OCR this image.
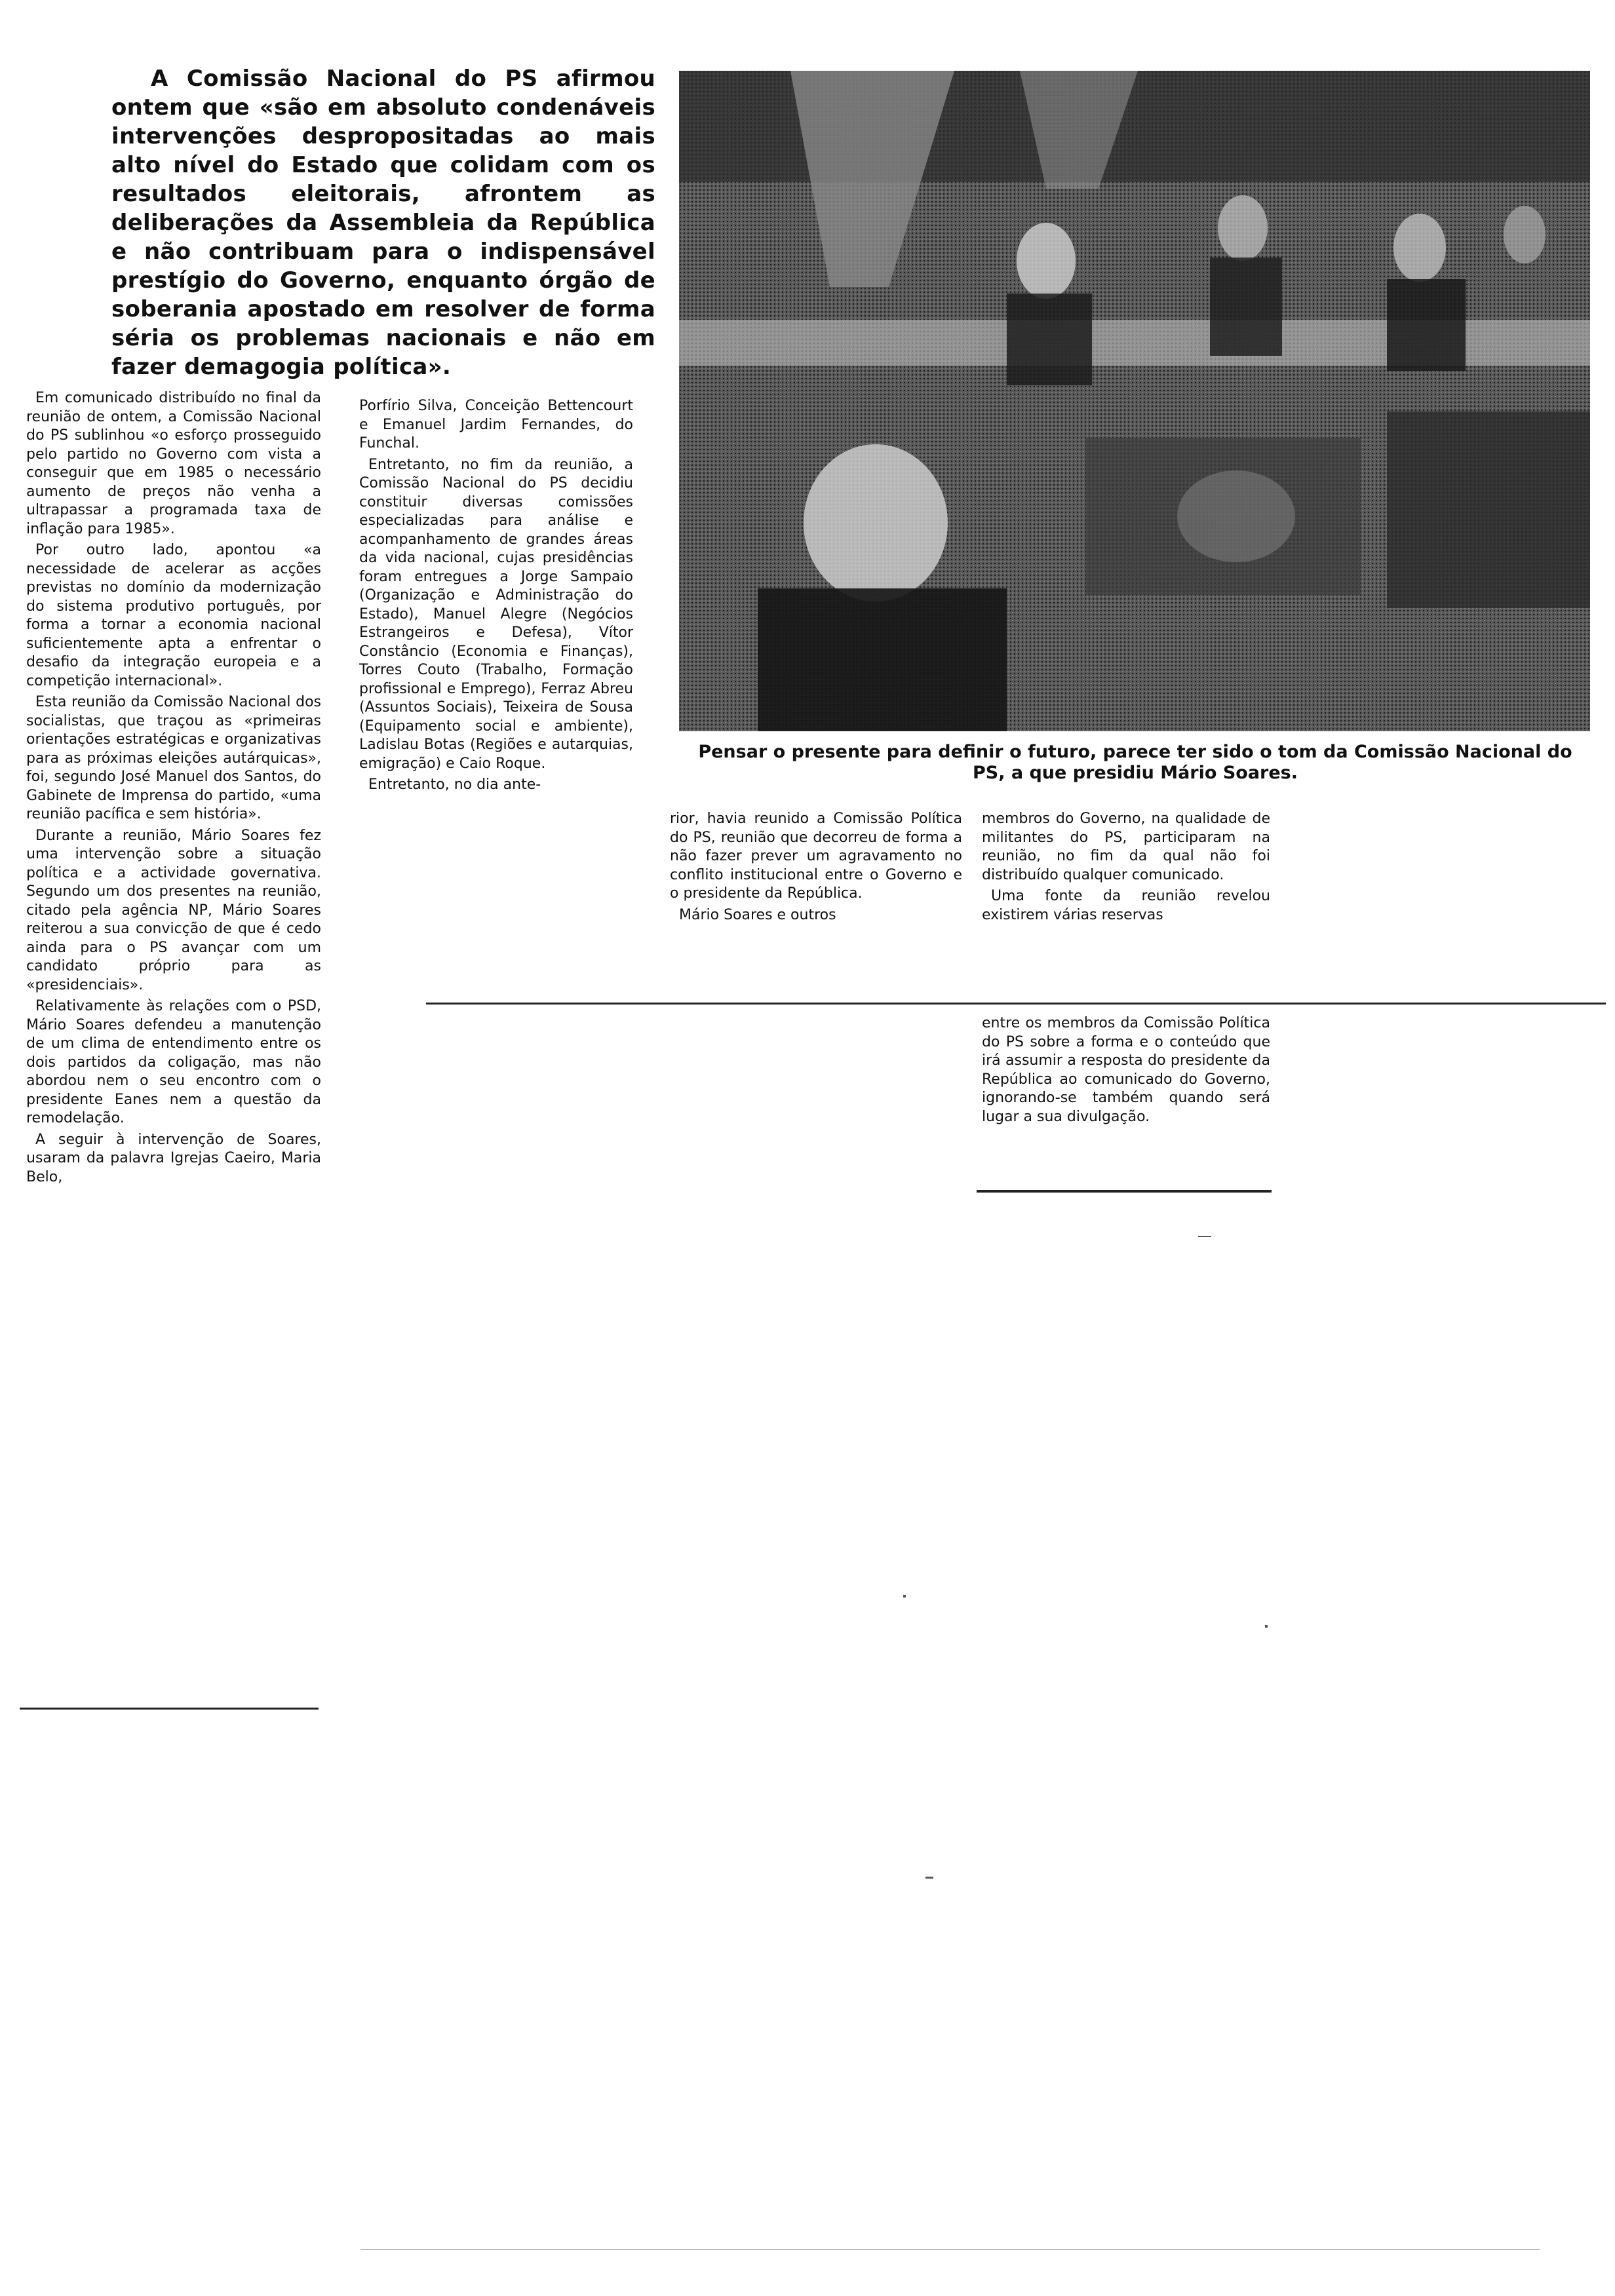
A Comissão Nacional do PS afirmou ontem que «são em absoluto condenáveis intervenções despropositadas ao mais alto nível do Estado que colidam com os resultados eleitorais, afrontem as deliberações da Assembleia da República e não contribuam para o indispensável prestígio do Governo, enquanto órgão de soberania apostado em resolver de forma séria os problemas nacionais e não em fazer demagogia política».

Pensar o presente para definir o futuro, parece ter sido o tom da Comissão Nacional do PS, a que presidiu Mário Soares.

Em comunicado distribuído no final da reunião de ontem, a Comissão Nacional do PS sublinhou «o esforço prosseguido pelo partido no Governo com vista a conseguir que em 1985 o necessário aumento de preços não venha a ultrapassar a programada taxa de inflação para 1985».

Por outro lado, apontou «a necessidade de acelerar as acções previstas no domínio da modernização do sistema produtivo português, por forma a tornar a economia nacional suficientemente apta a enfrentar o desafio da integração europeia e a competição internacional».

Esta reunião da Comissão Nacional dos socialistas, que traçou as «primeiras orientações estratégicas e organizativas para as próximas eleições autárquicas», foi, segundo José Manuel dos Santos, do Gabinete de Imprensa do partido, «uma reunião pacífica e sem história».

Durante a reunião, Mário Soares fez uma intervenção sobre a situação política e a actividade governativa. Segundo um dos presentes na reunião, citado pela agência NP, Mário Soares reiterou a sua convicção de que é cedo ainda para o PS avançar com um candidato próprio para as «presidenciais».

Relativamente às relações com o PSD, Mário Soares defendeu a manutenção de um clima de entendimento entre os dois partidos da coligação, mas não abordou nem o seu encontro com o presidente Eanes nem a questão da remodelação.

A seguir à intervenção de Soares, usaram da palavra Igrejas Caeiro, Maria Belo,

Porfírio Silva, Conceição Bettencourt e Emanuel Jardim Fernandes, do Funchal.

Entretanto, no fim da reunião, a Comissão Nacional do PS decidiu constituir diversas comissões especializadas para análise e acompanhamento de grandes áreas da vida nacional, cujas presidências foram entregues a Jorge Sampaio (Organização e Administração do Estado), Manuel Alegre (Negócios Estrangeiros e Defesa), Vítor Constâncio (Economia e Finanças), Torres Couto (Trabalho, Formação profissional e Emprego), Ferraz Abreu (Assuntos Sociais), Teixeira de Sousa (Equipamento social e ambiente), Ladislau Botas (Regiões e autarquias, emigração) e Caio Roque.

Entretanto, no dia ante-

rior, havia reunido a Comissão Política do PS, reunião que decorreu de forma a não fazer prever um agravamento no conflito institucional entre o Governo e o presidente da República.

Mário Soares e outros

membros do Governo, na qualidade de militantes do PS, participaram na reunião, no fim da qual não foi distribuído qualquer comunicado.

Uma fonte da reunião revelou existirem várias reservas

entre os membros da Comissão Política do PS sobre a forma e o conteúdo que irá assumir a resposta do presidente da República ao comunicado do Governo, ignorando-se também quando será lugar a sua divulgação.
